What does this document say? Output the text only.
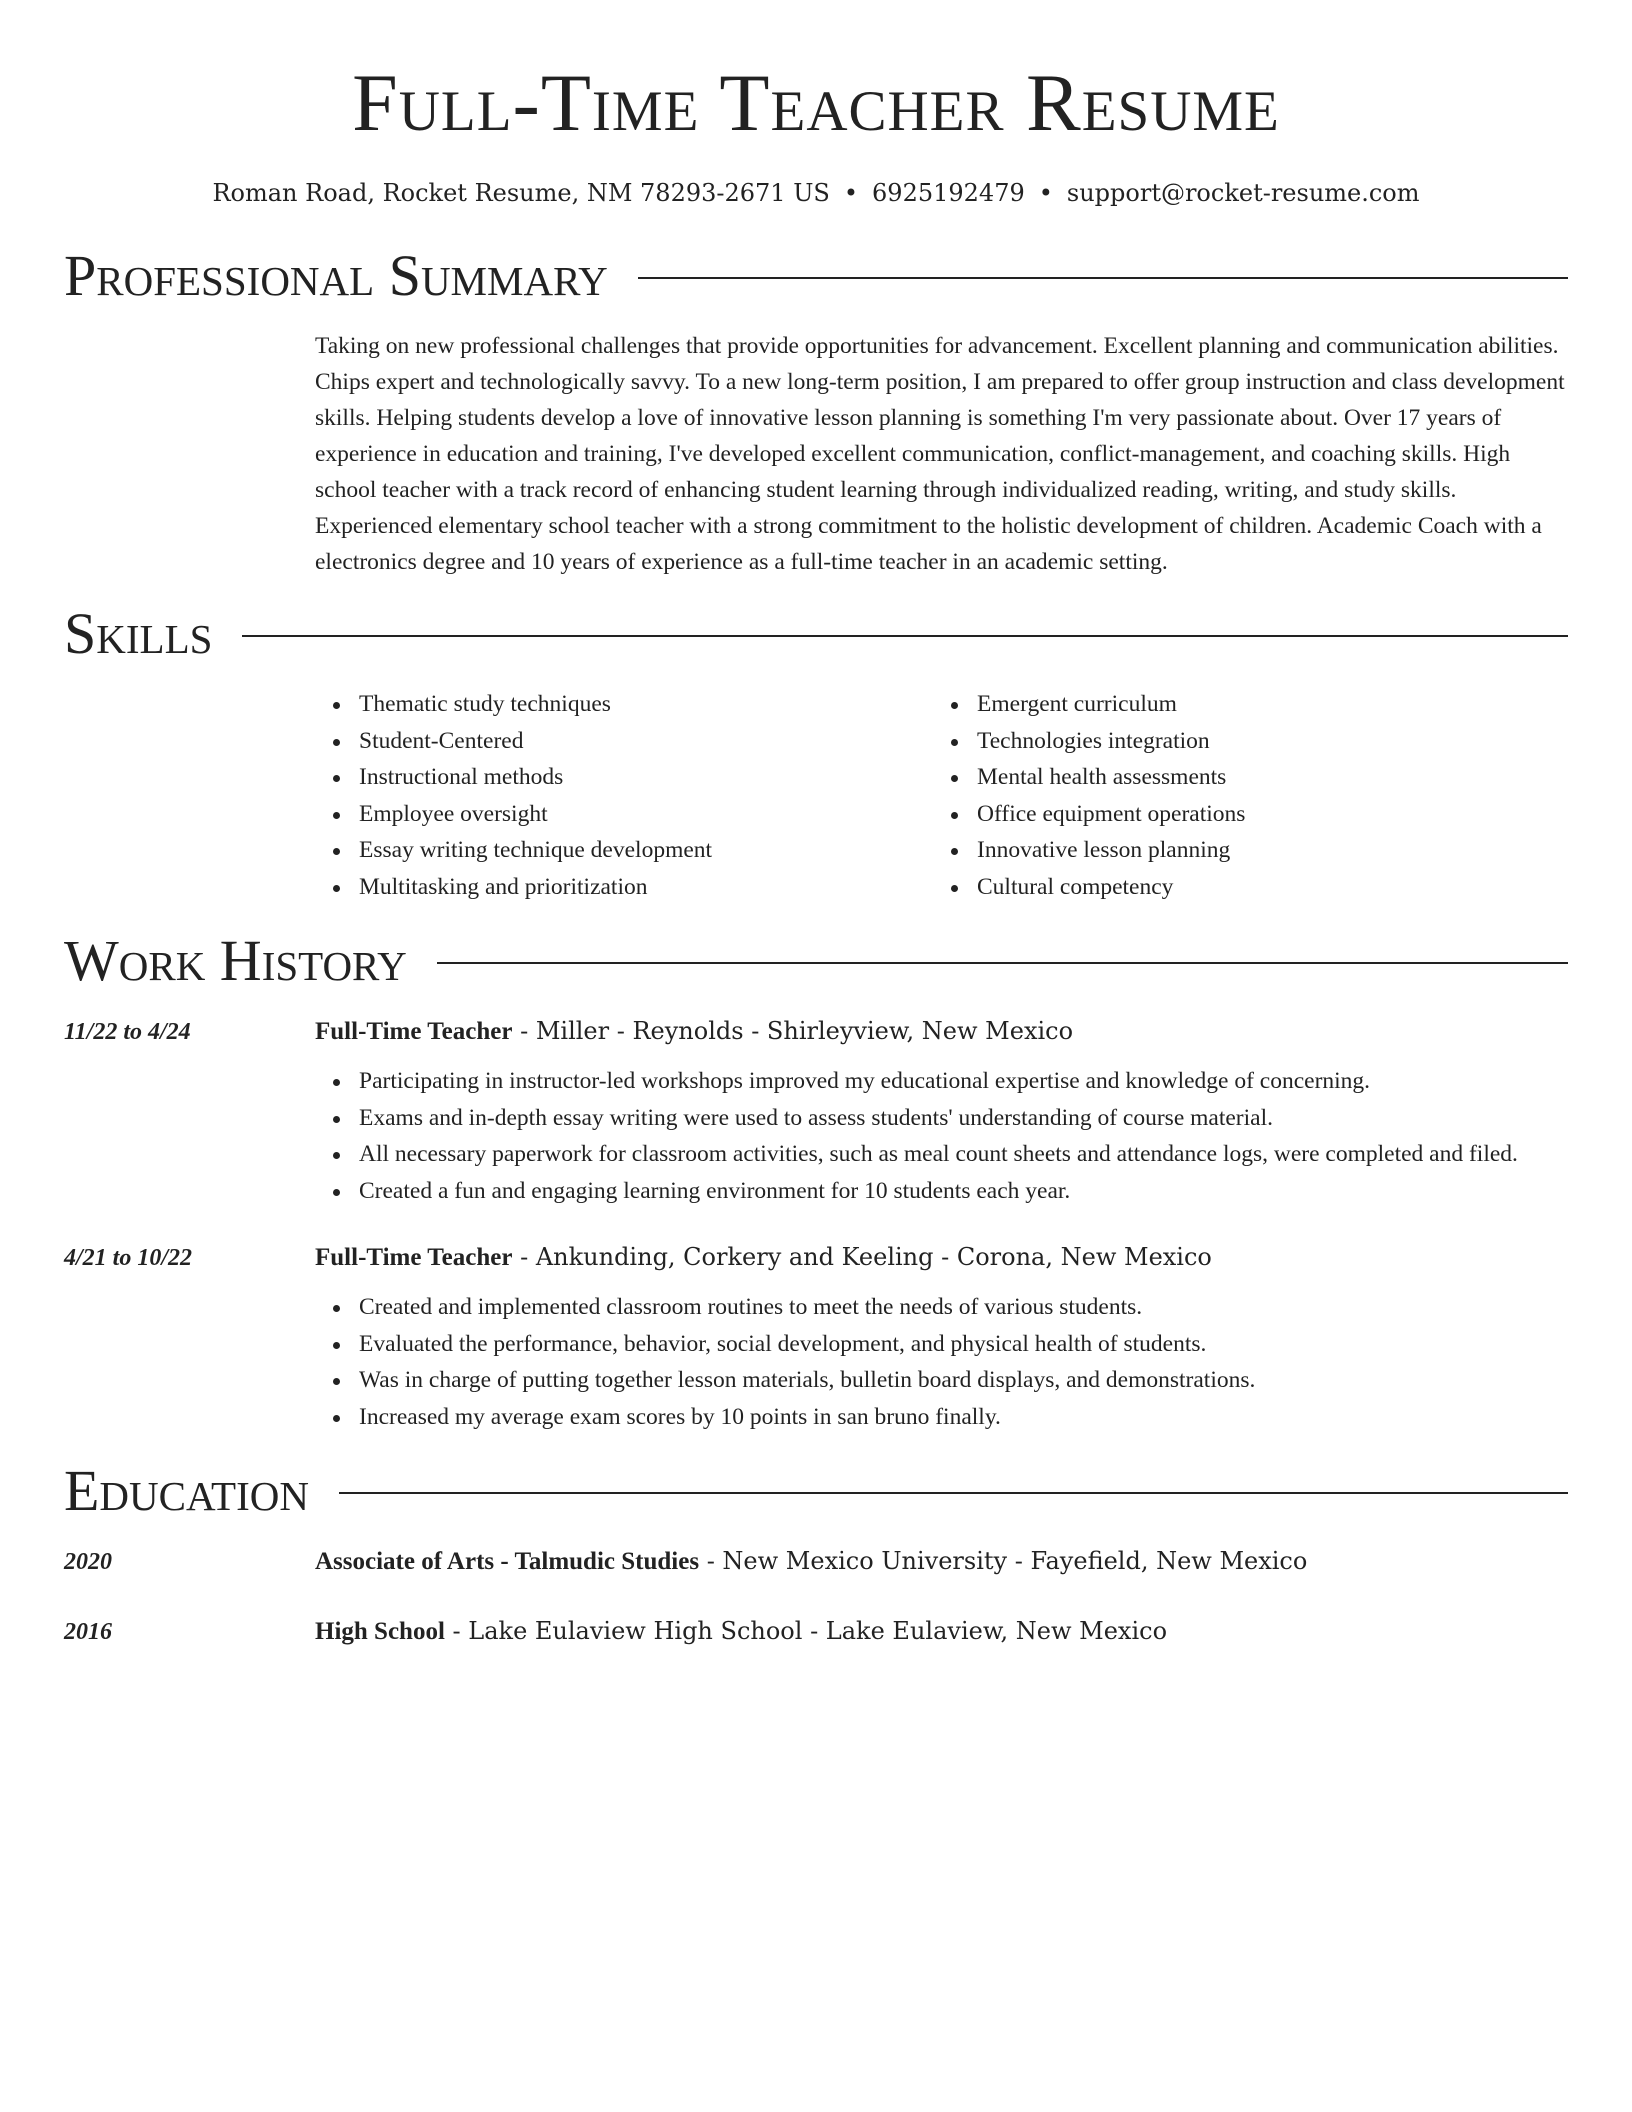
Full-Time Teacher Resume
Roman Road, Rocket Resume, NM 78293-2671 US • 6925192479 • support@rocket-resume.com
Professional Summary
Taking on new professional challenges that provide opportunities for advancement. Excellent planning and communication abilities. Chips expert and technologically savvy. To a new long-term position, I am prepared to offer group instruction and class development skills. Helping students develop a love of innovative lesson planning is something I'm very passionate about. Over 17 years of experience in education and training, I've developed excellent communication, conflict-management, and coaching skills. High school teacher with a track record of enhancing student learning through individualized reading, writing, and study skills. Experienced elementary school teacher with a strong commitment to the holistic development of children. Academic Coach with a electronics degree and 10 years of experience as a full-time teacher in an academic setting.
Skills
Thematic study techniques
Student-Centered
Instructional methods
Employee oversight
Essay writing technique development
Multitasking and prioritization
Emergent curriculum
Technologies integration
Mental health assessments
Office equipment operations
Innovative lesson planning
Cultural competency
Work History
11/22 to 4/24	Full-Time Teacher - Miller - Reynolds - Shirleyview, New Mexico
Participating in instructor-led workshops improved my educational expertise and knowledge of concerning.
Exams and in-depth essay writing were used to assess students' understanding of course material.
All necessary paperwork for classroom activities, such as meal count sheets and attendance logs, were completed and filed.
Created a fun and engaging learning environment for 10 students each year.
4/21 to 10/22	Full-Time Teacher - Ankunding, Corkery and Keeling - Corona, New Mexico
Created and implemented classroom routines to meet the needs of various students.
Evaluated the performance, behavior, social development, and physical health of students.
Was in charge of putting together lesson materials, bulletin board displays, and demonstrations.
Increased my average exam scores by 10 points in san bruno finally.
Education
2020	Associate of Arts - Talmudic Studies - New Mexico University - Fayefield, New Mexico
2016	High School - Lake Eulaview High School - Lake Eulaview, New Mexico
